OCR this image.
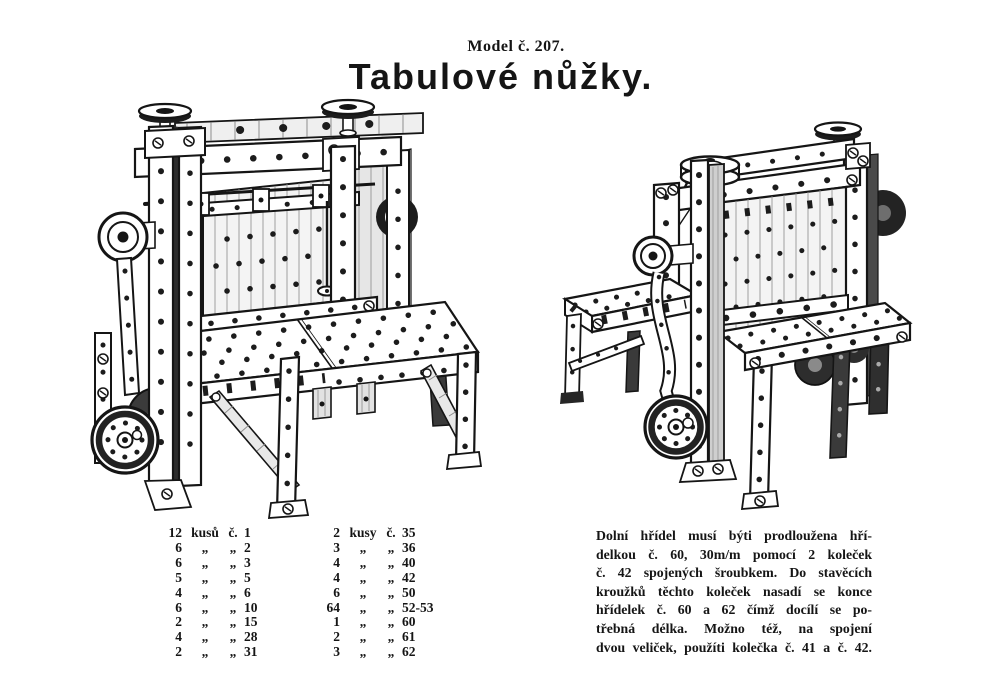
Model č. 207.
Tabulové nůžky.
12 kusů č. 1
6	„	„ 2
6	„	„ 3
5	„	„ 5
4	„	„ 6
6	„	„ 10
2	„	„ 15
4	„	„ 28
2	„	„ 31
2 kusy č. 35
3	„	„ 36
4	„	„ 40
4	„	„ 42
6	„	„ 50
64	„	„ 52-53
1	„	„ 60
2	„	„ 61
3	„	„ 62
Dolní hřídel musí býti prodloužena hří-
delkou č. 60, 30m/m pomocí 2 koleček
č. 42 spojených šroubkem. Do stavěcích
kroužků těchto koleček nasadí se konce
hřídelek č. 60 a 62 čímž docílí se po-
třebná délka. Možno též, na spojení
dvou veliček, použíti kolečka č. 41 a č. 42.
